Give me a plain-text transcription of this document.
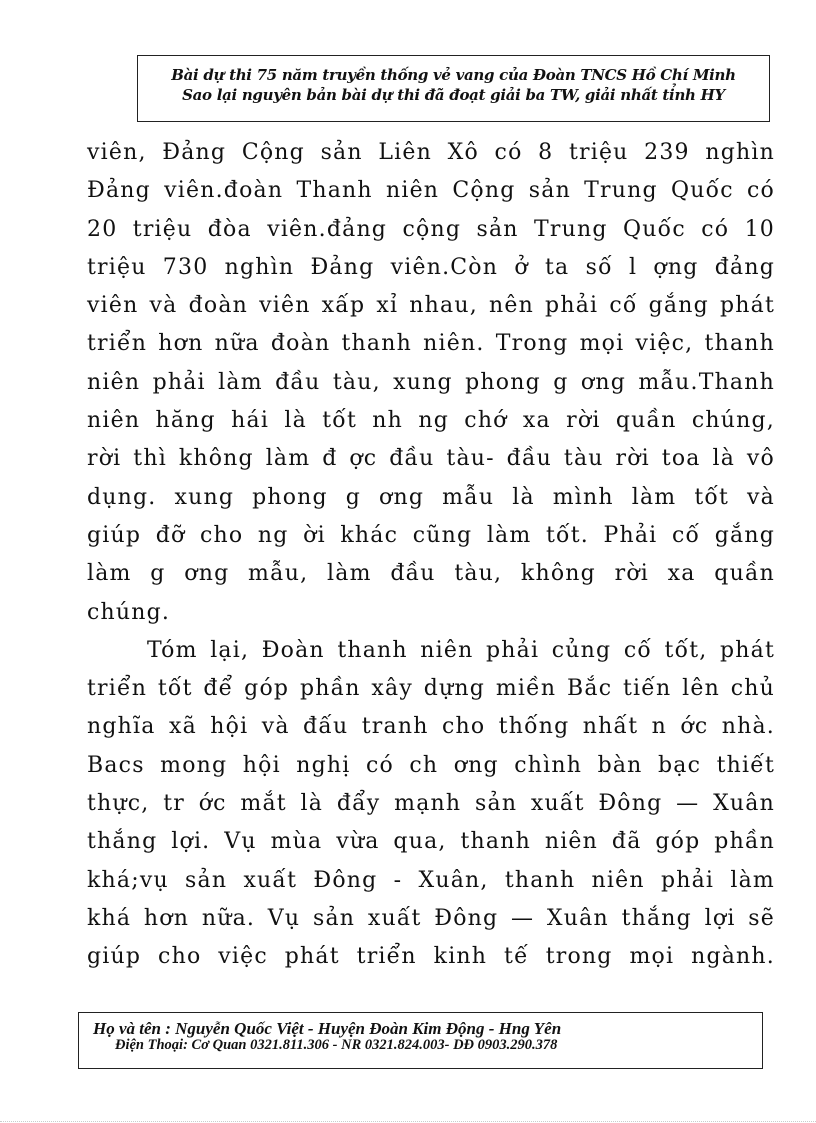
Bài dự thi 75 năm truyền thống vẻ vang của Đoàn TNCS Hồ Chí Minh
Sao lại nguyên bản bài dự thi đã đoạt giải ba TW, giải nhất tỉnh HY
viên, Đảng Cộng sản Liên Xô có 8 triệu 239 nghìn
Đảng viên.đoàn Thanh niên Cộng sản Trung Quốc có
20 triệu đòa viên.đảng cộng sản Trung Quốc có 10
triệu 730 nghìn Đảng viên.Còn ở ta số l ợng đảng
viên và đoàn viên xấp xỉ nhau, nên phải cố gắng phát
triển hơn nữa đoàn thanh niên. Trong mọi việc, thanh
niên phải làm đầu tàu, xung phong g ơng mẫu.Thanh
niên hăng hái là tốt nh ng chớ xa rời quần chúng,
rời thì không làm đ ợc đầu tàu- đầu tàu rời toa là vô
dụng. xung phong g ơng mẫu là mình làm tốt và
giúp đỡ cho ng ời khác cũng làm tốt. Phải cố gắng
làm g ơng mẫu, làm đầu tàu, không rời xa quần
chúng.
Tóm lại, Đoàn thanh niên phải củng cố tốt, phát
triển tốt để góp phần xây dựng miền Bắc tiến lên chủ
nghĩa xã hội và đấu tranh cho thống nhất n ớc nhà.
Bacs mong hội nghị có ch ơng chình bàn bạc thiết
thực, tr ớc mắt là đẩy mạnh sản xuất Đông — Xuân
thắng lợi. Vụ mùa vừa qua, thanh niên đã góp phần
khá;vụ sản xuất Đông - Xuân, thanh niên phải làm
khá hơn nữa. Vụ sản xuất Đông — Xuân thắng lợi sẽ
giúp cho việc phát triển kinh tế trong mọi ngành.
Họ và tên : Nguyễn Quốc Việt - Huyện Đoàn Kim Động - Hng Yên
Điện Thoại: Cơ Quan 0321.811.306 - NR 0321.824.003- DĐ 0903.290.378
